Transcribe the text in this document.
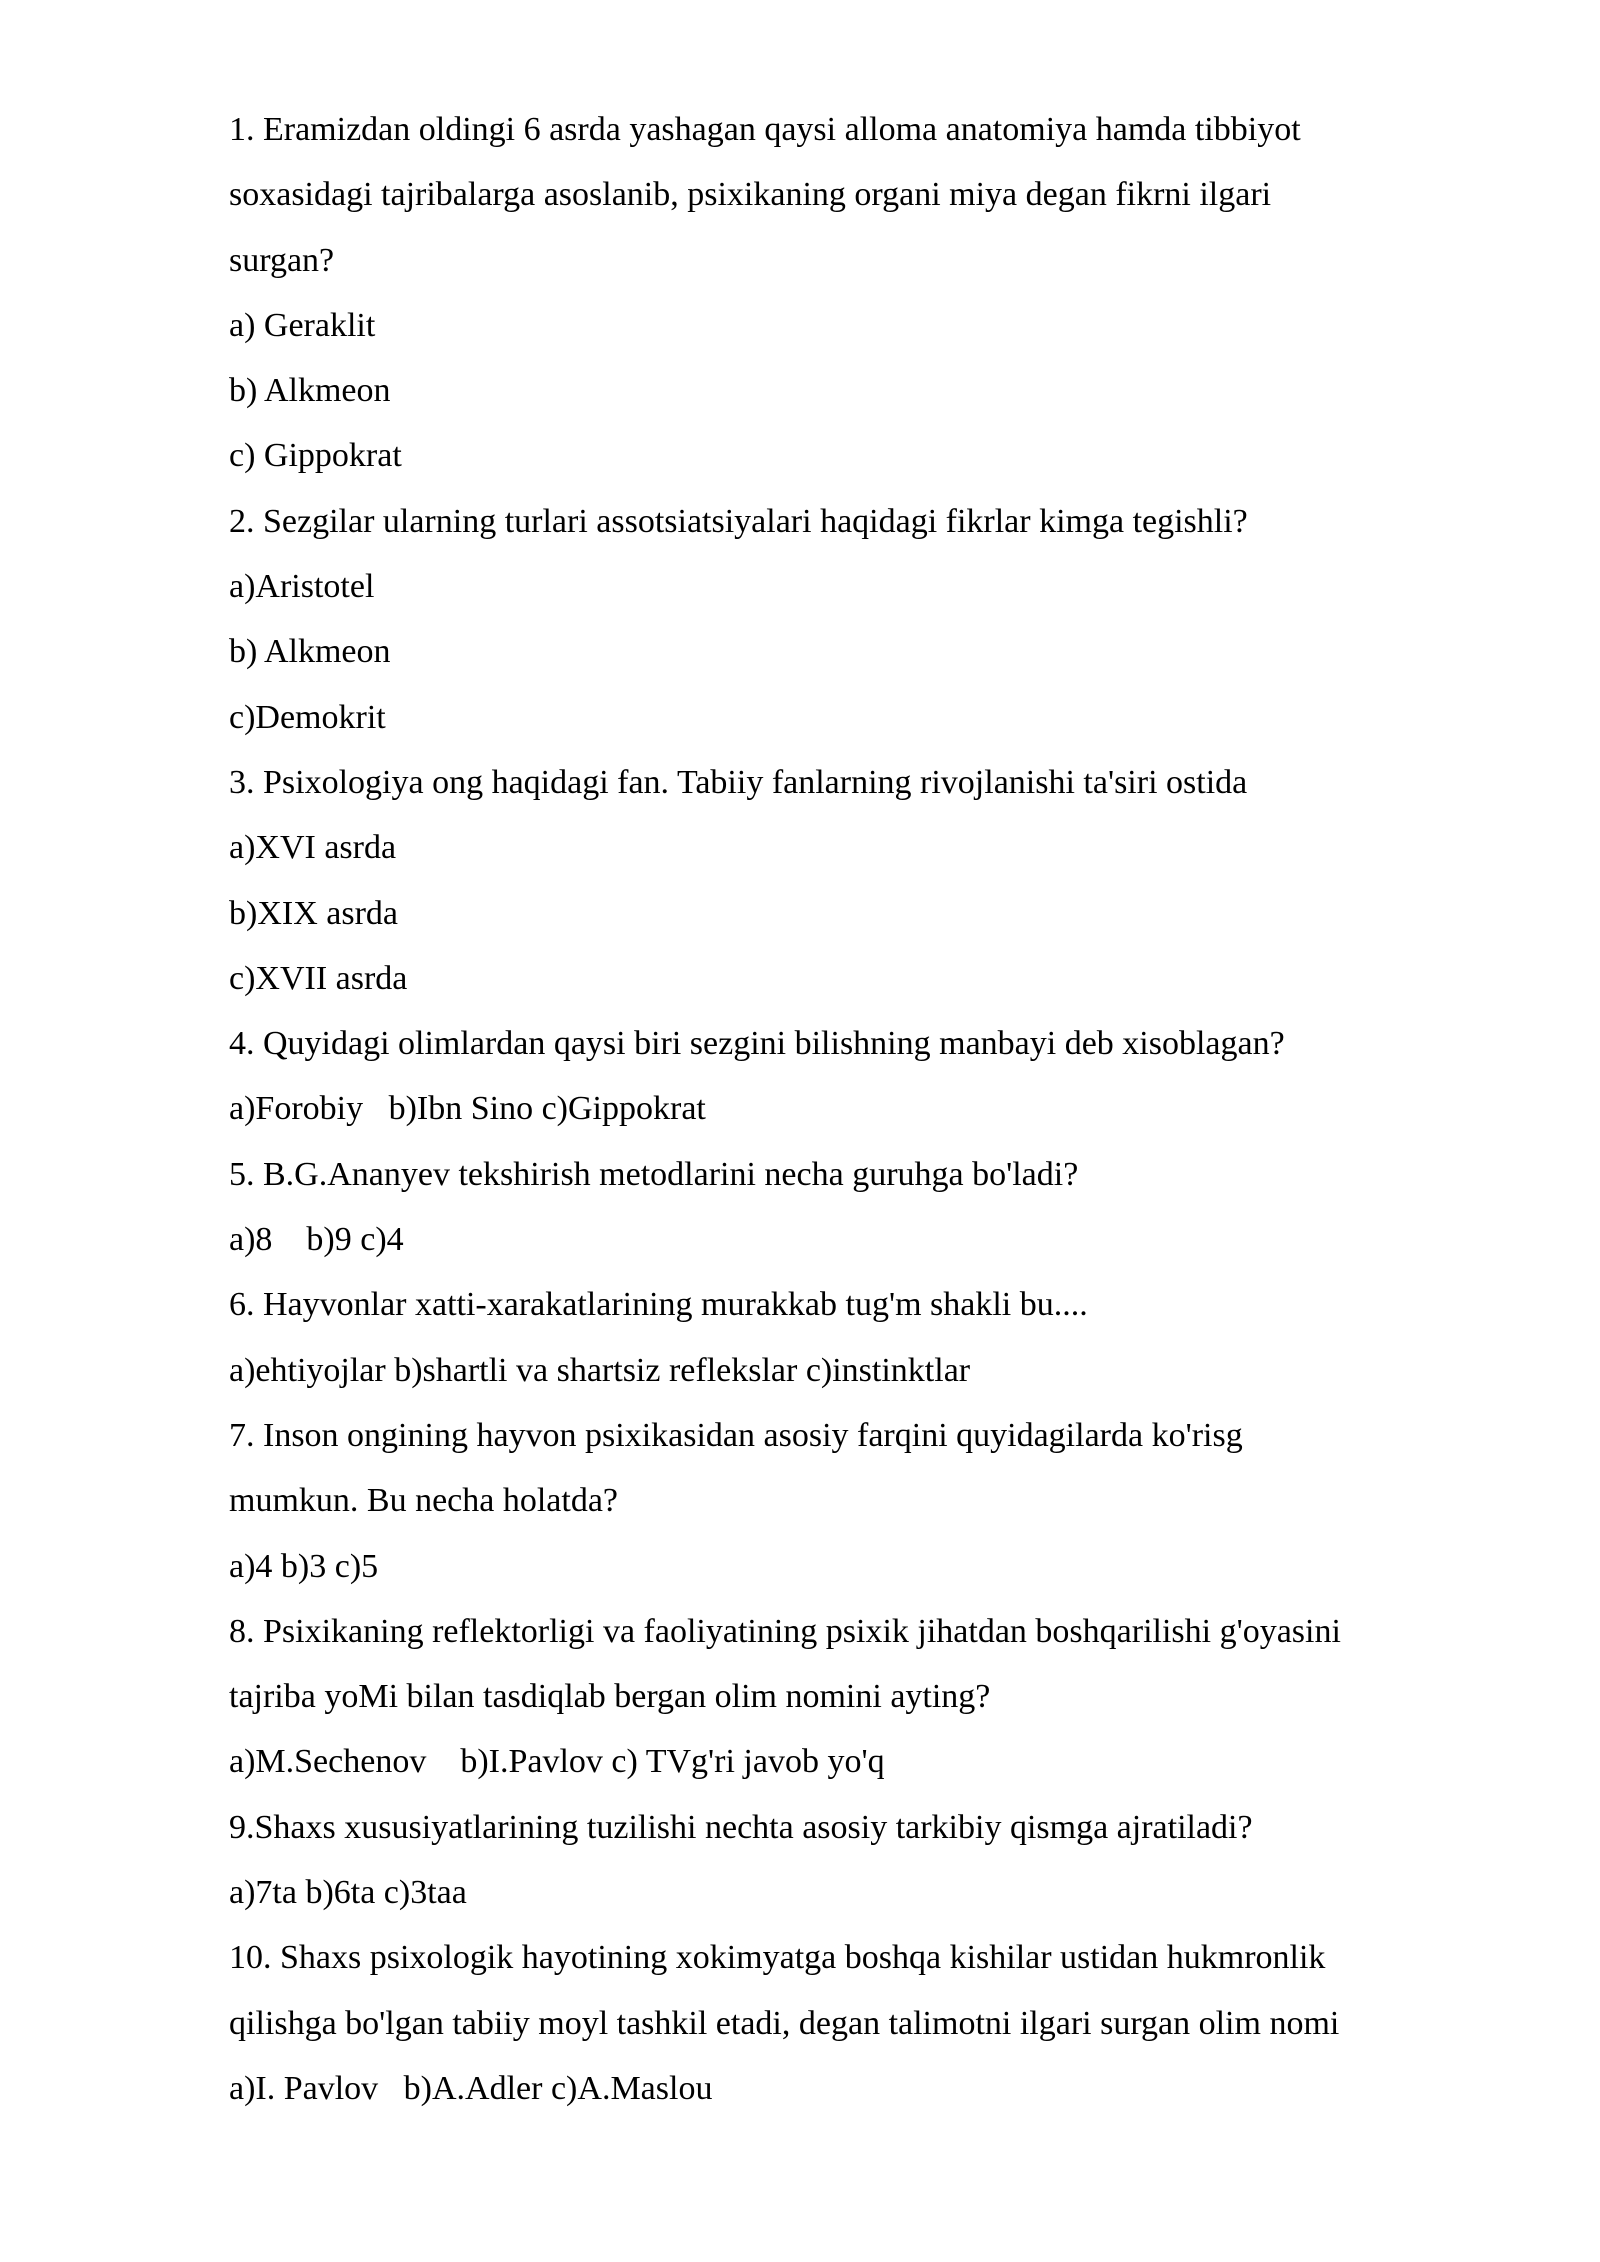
1. Eramizdan oldingi 6 asrda yashagan qaysi alloma anatomiya hamda tibbiyot
soxasidagi tajribalarga asoslanib, psixikaning organi miya degan fikrni ilgari
surgan?
a) Geraklit
b) Alkmeon
c) Gippokrat
2. Sezgilar ularning turlari assotsiatsiyalari haqidagi fikrlar kimga tegishli?
a)Aristotel
b) Alkmeon
c)Demokrit
3. Psixologiya ong haqidagi fan. Tabiiy fanlarning rivojlanishi ta'siri ostida
a)XVI asrda
b)XIX asrda
c)XVII asrda
4. Quyidagi olimlardan qaysi biri sezgini bilishning manbayi deb xisoblagan?
a)Forobiy   b)Ibn Sino c)Gippokrat
5. B.G.Ananyev tekshirish metodlarini necha guruhga bo'ladi?
a)8    b)9 c)4
6. Hayvonlar xatti-xarakatlarining murakkab tug'm shakli bu....
a)ehtiyojlar b)shartli va shartsiz reflekslar c)instinktlar
7. Inson ongining hayvon psixikasidan asosiy farqini quyidagilarda ko'risg
mumkun. Bu necha holatda?
a)4 b)3 c)5
8. Psixikaning reflektorligi va faoliyatining psixik jihatdan boshqarilishi g'oyasini
tajriba yoMi bilan tasdiqlab bergan olim nomini ayting?
a)M.Sechenov    b)I.Pavlov c) TVg'ri javob yo'q
9.Shaxs xususiyatlarining tuzilishi nechta asosiy tarkibiy qismga ajratiladi?
a)7ta b)6ta c)3taa
10. Shaxs psixologik hayotining xokimyatga boshqa kishilar ustidan hukmronlik
qilishga bo'lgan tabiiy moyl tashkil etadi, degan talimotni ilgari surgan olim nomi
a)I. Pavlov   b)A.Adler c)A.Maslou
